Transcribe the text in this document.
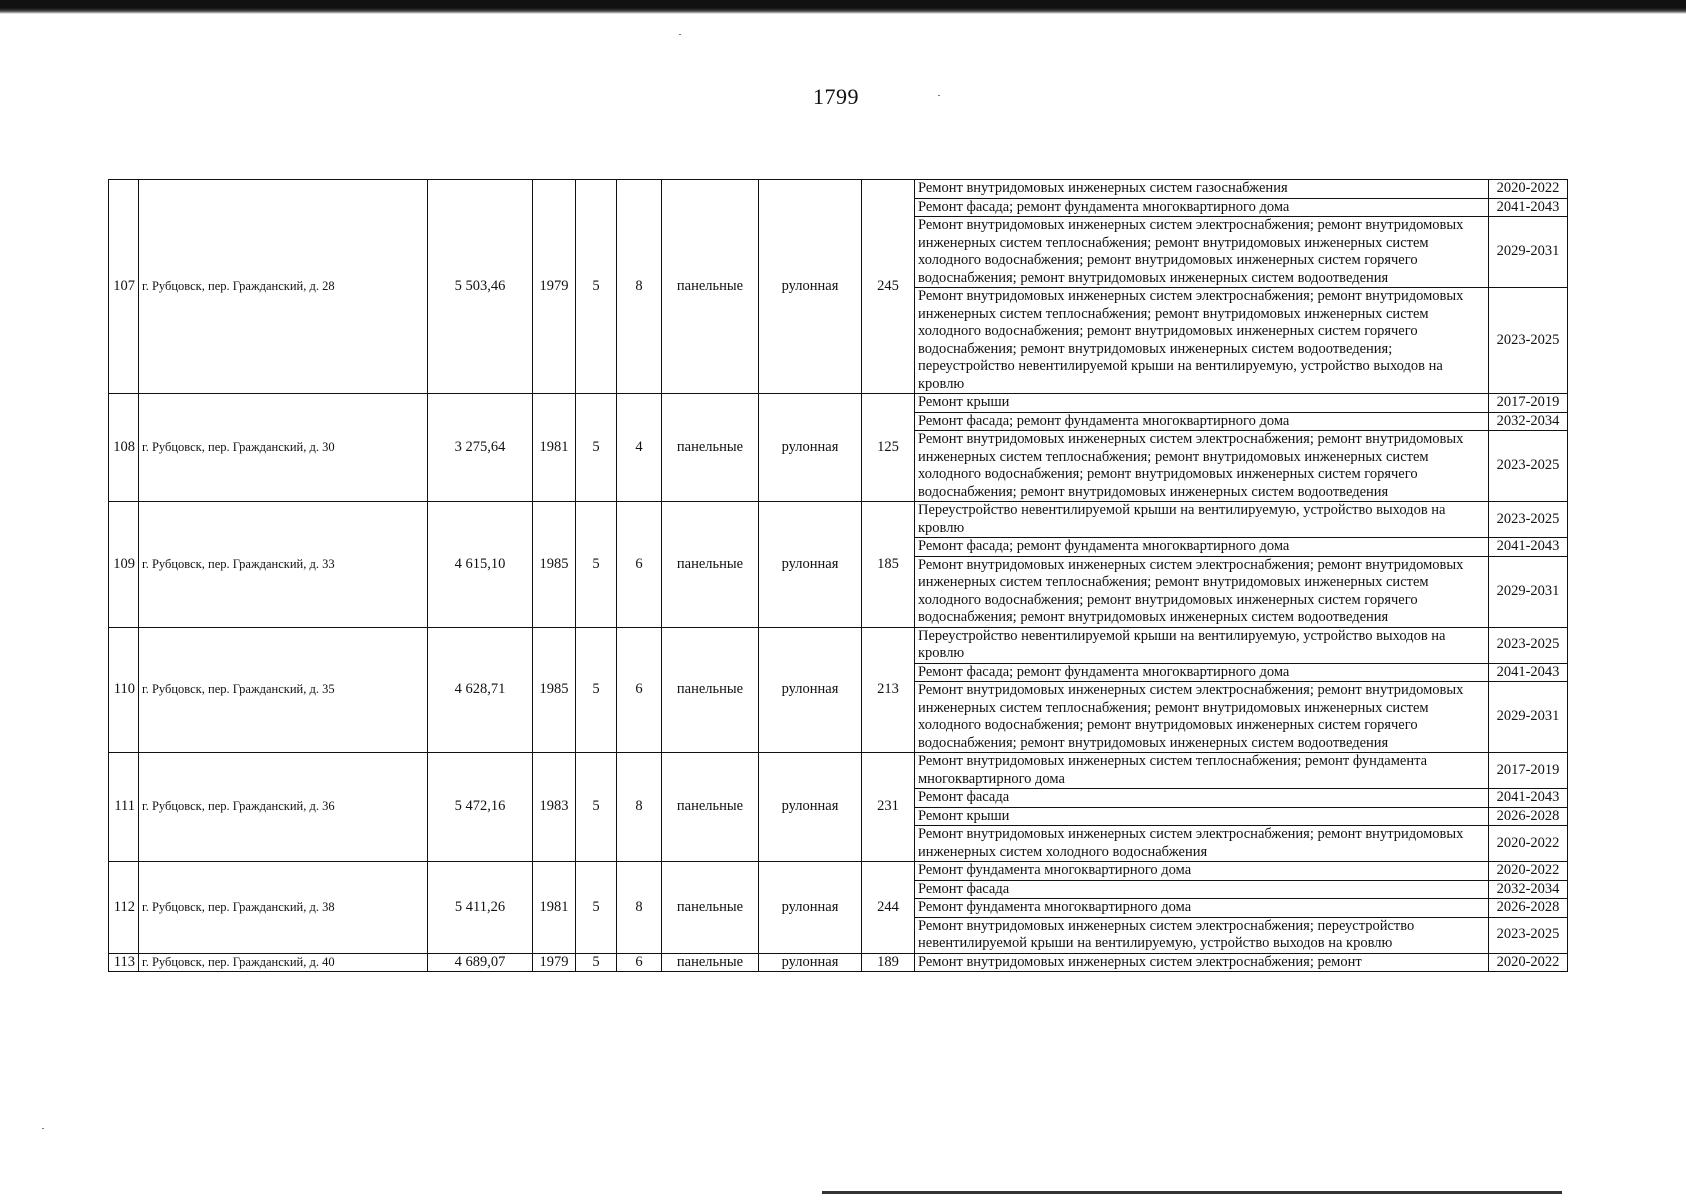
1799
107	г. Рубцовск, пер. Гражданский, д. 28	5 503,46	1979	5	8	панельные	рулонная	245	Ремонт внутридомовых инженерных систем газоснабжения	2020-2022
									Ремонт фасада; ремонт фундамента многоквартирного дома	2041-2043
									Ремонт внутридомовых инженерных систем электроснабжения; ремонт внутридомовых инженерных систем теплоснабжения; ремонт внутридомовых инженерных систем холодного водоснабжения; ремонт внутридомовых инженерных систем горячего водоснабжения; ремонт внутридомовых инженерных систем водоотведения	2029-2031
									Ремонт внутридомовых инженерных систем электроснабжения; ремонт внутридомовых инженерных систем теплоснабжения; ремонт внутридомовых инженерных систем холодного водоснабжения; ремонт внутридомовых инженерных систем горячего водоснабжения; ремонт внутридомовых инженерных систем водоотведения; переустройство невентилируемой крыши на вентилируемую, устройство выходов на кровлю	2023-2025
108	г. Рубцовск, пер. Гражданский, д. 30	3 275,64	1981	5	4	панельные	рулонная	125	Ремонт крыши	2017-2019
									Ремонт фасада; ремонт фундамента многоквартирного дома	2032-2034
									Ремонт внутридомовых инженерных систем электроснабжения; ремонт внутридомовых инженерных систем теплоснабжения; ремонт внутридомовых инженерных систем холодного водоснабжения; ремонт внутридомовых инженерных систем горячего водоснабжения; ремонт внутридомовых инженерных систем водоотведения	2023-2025
109	г. Рубцовск, пер. Гражданский, д. 33	4 615,10	1985	5	6	панельные	рулонная	185	Переустройство невентилируемой крыши на вентилируемую, устройство выходов на кровлю	2023-2025
									Ремонт фасада; ремонт фундамента многоквартирного дома	2041-2043
									Ремонт внутридомовых инженерных систем электроснабжения; ремонт внутридомовых инженерных систем теплоснабжения; ремонт внутридомовых инженерных систем холодного водоснабжения; ремонт внутридомовых инженерных систем горячего водоснабжения; ремонт внутридомовых инженерных систем водоотведения	2029-2031
110	г. Рубцовск, пер. Гражданский, д. 35	4 628,71	1985	5	6	панельные	рулонная	213	Переустройство невентилируемой крыши на вентилируемую, устройство выходов на кровлю	2023-2025
									Ремонт фасада; ремонт фундамента многоквартирного дома	2041-2043
									Ремонт внутридомовых инженерных систем электроснабжения; ремонт внутридомовых инженерных систем теплоснабжения; ремонт внутридомовых инженерных систем холодного водоснабжения; ремонт внутридомовых инженерных систем горячего водоснабжения; ремонт внутридомовых инженерных систем водоотведения	2029-2031
111	г. Рубцовск, пер. Гражданский, д. 36	5 472,16	1983	5	8	панельные	рулонная	231	Ремонт внутридомовых инженерных систем теплоснабжения; ремонт фундамента многоквартирного дома	2017-2019
									Ремонт фасада	2041-2043
									Ремонт крыши	2026-2028
									Ремонт внутридомовых инженерных систем электроснабжения; ремонт внутридомовых инженерных систем холодного водоснабжения	2020-2022
112	г. Рубцовск, пер. Гражданский, д. 38	5 411,26	1981	5	8	панельные	рулонная	244	Ремонт фундамента многоквартирного дома	2020-2022
									Ремонт фасада	2032-2034
									Ремонт фундамента многоквартирного дома	2026-2028
									Ремонт внутридомовых инженерных систем электроснабжения; переустройство невентилируемой крыши на вентилируемую, устройство выходов на кровлю	2023-2025
113	г. Рубцовск, пер. Гражданский, д. 40	4 689,07	1979	5	6	панельные	рулонная	189	Ремонт внутридомовых инженерных систем электроснабжения; ремонт	2020-2022
